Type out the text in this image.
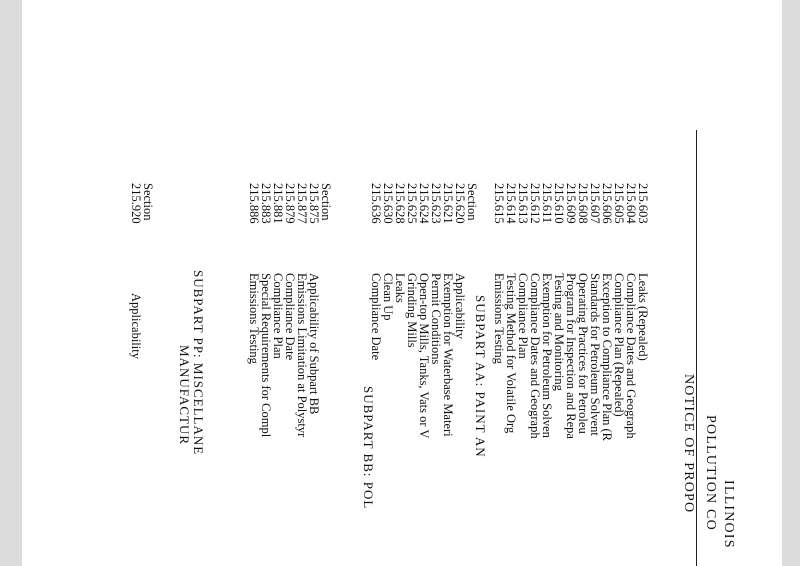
ILLINOIS
POLLUTION CO
NOTICE OF PROPO
215.603
Leaks (Repealed)
215.604
Compliance Dates and Geograph
215.605
Compliance Plan (Repealed)
215.606
Exception to Compliance Plan (R
215.607
Standards for Petroleum Solvent
215.608
Operating Practices for Petroleu
215.609
Program for Inspection and Repa
215.610
Testing and Monitoring
215.611
Exemption for Petroleum Solven
215.612
Compliance Dates and Geograph
215.613
Compliance Plan
215.614
Testing Method for Volatile Org
215.615
Emissions Testing
SUBPART AA: PAINT AN
Section
215.620
Applicability
215.621
Exemption for Waterbase Materi
215.623
Permit Conditions
215.624
Open-top Mills, Tanks, Vats or V
215.625
Grinding Mills
215.628
Leaks
215.630
Clean Up
215.636
Compliance Date
SUBPART BB: POL
Section
215.875
Applicability of Subpart BB
215.877
Emissions Limitation at Polystyr
215.879
Compliance Date
215.881
Compliance Plan
215.883
Special Requirements for Compl
215.886
Emissions Testing
SUBPART PP: MISCELLANE
MANUFACTUR
Section
215.920
Applicability
